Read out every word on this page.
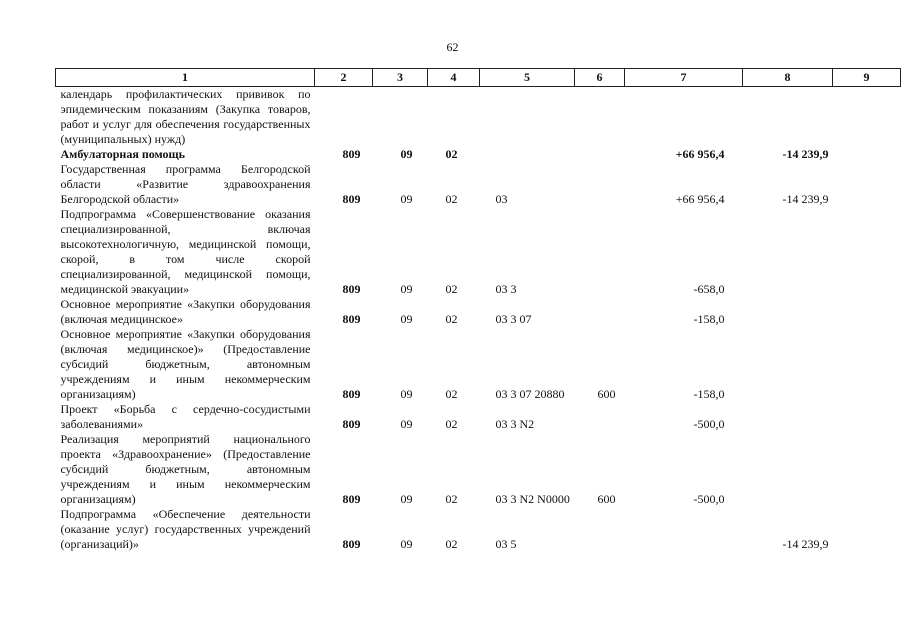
62
1	2	3	4	5	6	7	8	9
календарь профилактических прививок по эпидемическим показаниям (Закупка товаров, работ и услуг для обеспечения государственных (муниципальных) нужд)								
Амбулаторная помощь	809	09	02			+66 956,4	-14 239,9	
Государственная программа Белгородской области «Развитие здравоохранения Белгородской области»	809	09	02	03		+66 956,4	-14 239,9	
Подпрограмма «Совершенствование оказания специализированной, включая высокотехнологичную, медицинской помощи, скорой, в том числе скорой специализированной, медицинской помощи, медицинской эвакуации»	809	09	02	03 3		-658,0		
Основное мероприятие «Закупки оборудования (включая медицинское»	809	09	02	03 3 07		-158,0		
Основное мероприятие «Закупки оборудования (включая медицинское)» (Предоставление субсидий бюджетным, автономным учреждениям и иным некоммерческим организациям)	809	09	02	03 3 07 20880	600	-158,0		
Проект «Борьба с сердечно-сосудистыми заболеваниями»	809	09	02	03 3 N2		-500,0		
Реализация мероприятий национального проекта «Здравоохранение» (Предоставление субсидий бюджетным, автономным учреждениям и иным некоммерческим организациям)	809	09	02	03 3 N2 N0000	600	-500,0		
Подпрограмма «Обеспечение деятельности (оказание услуг) государственных учреждений (организаций)»	809	09	02	03 5			-14 239,9	
